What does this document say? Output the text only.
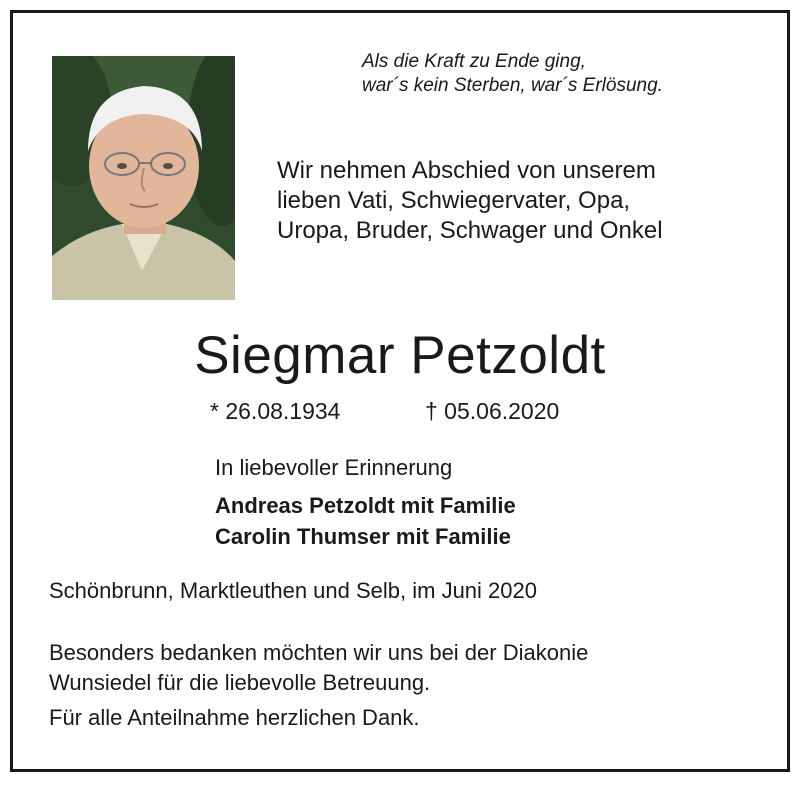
Als die Kraft zu Ende ging,
war´s kein Sterben, war´s Erlösung.
Wir nehmen Abschied von unserem
lieben Vati, Schwiegervater, Opa,
Uropa, Bruder, Schwager und Onkel
Siegmar Petzoldt
* 26.08.1934	† 05.06.2020
In liebevoller Erinnerung
Andreas Petzoldt mit Familie
Carolin Thumser mit Familie
Schönbrunn, Marktleuthen und Selb, im Juni 2020
Besonders bedanken möchten wir uns bei der Diakonie
Wunsiedel für die liebevolle Betreuung.
Für alle Anteilnahme herzlichen Dank.
